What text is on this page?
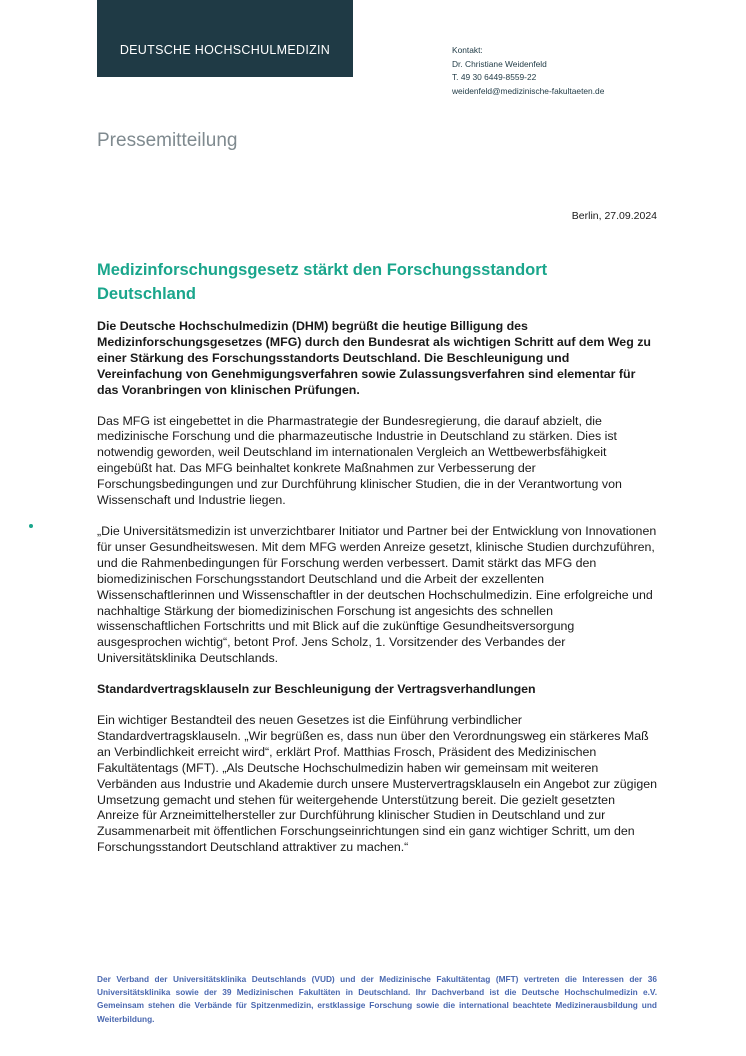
DEUTSCHE HOCHSCHULMEDIZIN	Kontakt:
Dr. Christiane Weidenfeld
T. 49 30 6449-8559-22
weidenfeld@medizinische-fakultaeten.de
Pressemitteilung
Berlin, 27.09.2024
Medizinforschungsgesetz stärkt den Forschungsstandort Deutschland

Die Deutsche Hochschulmedizin (DHM) begrüßt die heutige Billigung des Medizinforschungsgesetzes (MFG) durch den Bundesrat als wichtigen Schritt auf dem Weg zu einer Stärkung des Forschungsstandorts Deutschland. Die Beschleunigung und Vereinfachung von Genehmigungsverfahren sowie Zulassungsverfahren sind elementar für das Voranbringen von klinischen Prüfungen.

Das MFG ist eingebettet in die Pharmastrategie der Bundesregierung, die darauf abzielt, die medizinische Forschung und die pharmazeutische Industrie in Deutschland zu stärken. Dies ist notwendig geworden, weil Deutschland im internationalen Vergleich an Wettbewerbsfähigkeit eingebüßt hat. Das MFG beinhaltet konkrete Maßnahmen zur Verbesserung der Forschungsbedingungen und zur Durchführung klinischer Studien, die in der Verantwortung von Wissenschaft und Industrie liegen.

„Die Universitätsmedizin ist unverzichtbarer Initiator und Partner bei der Entwicklung von Innovationen für unser Gesundheitswesen. Mit dem MFG werden Anreize gesetzt, klinische Studien durchzuführen, und die Rahmenbedingungen für Forschung werden verbessert. Damit stärkt das MFG den biomedizinischen Forschungsstandort Deutschland und die Arbeit der exzellenten Wissenschaftlerinnen und Wissenschaftler in der deutschen Hochschulmedizin. Eine erfolgreiche und nachhaltige Stärkung der biomedizinischen Forschung ist angesichts des schnellen wissenschaftlichen Fortschritts und mit Blick auf die zukünftige Gesundheitsversorgung ausgesprochen wichtig“, betont Prof. Jens Scholz, 1. Vorsitzender des Verbandes der Universitätsklinika Deutschlands.

Standardvertragsklauseln zur Beschleunigung der Vertragsverhandlungen

Ein wichtiger Bestandteil des neuen Gesetzes ist die Einführung verbindlicher Standardvertragsklauseln. „Wir begrüßen es, dass nun über den Verordnungsweg ein stärkeres Maß an Verbindlichkeit erreicht wird“, erklärt Prof. Matthias Frosch, Präsident des Medizinischen Fakultätentags (MFT). „Als Deutsche Hochschulmedizin haben wir gemeinsam mit weiteren Verbänden aus Industrie und Akademie durch unsere Mustervertragsklauseln ein Angebot zur zügigen Umsetzung gemacht und stehen für weitergehende Unterstützung bereit. Die gezielt gesetzten Anreize für Arzneimittelhersteller zur Durchführung klinischer Studien in Deutschland und zur Zusammenarbeit mit öffentlichen Forschungseinrichtungen sind ein ganz wichtiger Schritt, um den Forschungsstandort Deutschland attraktiver zu machen.“

Der Verband der Universitätsklinika Deutschlands (VUD) und der Medizinische Fakultätentag (MFT) vertreten die Interessen der 36 Universitätsklinika sowie der 39 Medizinischen Fakultäten in Deutschland. Ihr Dachverband ist die Deutsche Hochschulmedizin e.V. Gemeinsam stehen die Verbände für Spitzenmedizin, erstklassige Forschung sowie die international beachtete Medizinerausbildung und Weiterbildung.
